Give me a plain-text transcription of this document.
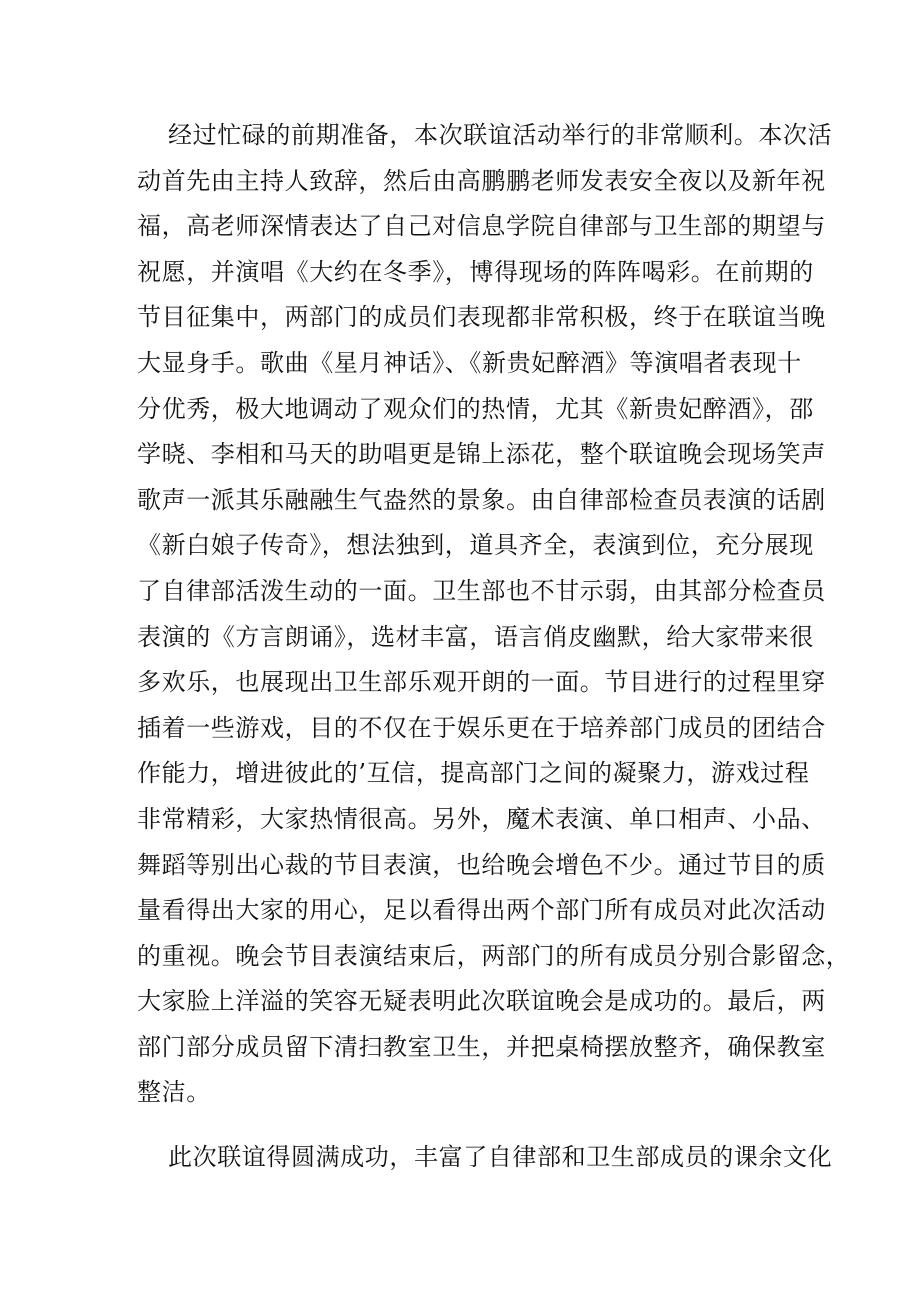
经过忙碌的前期准备，本次联谊活动举行的非常顺利。本次活
动首先由主持人致辞，然后由高鹏鹏老师发表安全夜以及新年祝
福，高老师深情表达了自己对信息学院自律部与卫生部的期望与
祝愿，并演唱《大约在冬季》，博得现场的阵阵喝彩。在前期的
节目征集中，两部门的成员们表现都非常积极，终于在联谊当晚
大显身手。歌曲《星月神话》、《新贵妃醉酒》等演唱者表现十
分优秀，极大地调动了观众们的热情，尤其《新贵妃醉酒》，邵
学晓、李相和马天的助唱更是锦上添花，整个联谊晚会现场笑声
歌声一派其乐融融生气盎然的景象。由自律部检查员表演的话剧
《新白娘子传奇》，想法独到，道具齐全，表演到位，充分展现
了自律部活泼生动的一面。卫生部也不甘示弱，由其部分检查员
表演的《方言朗诵》，选材丰富，语言俏皮幽默，给大家带来很
多欢乐，也展现出卫生部乐观开朗的一面。节目进行的过程里穿
插着一些游戏，目的不仅在于娱乐更在于培养部门成员的团结合
作能力，增进彼此的’互信，提高部门之间的凝聚力，游戏过程
非常精彩，大家热情很高。另外，魔术表演、单口相声、小品、
舞蹈等别出心裁的节目表演，也给晚会增色不少。通过节目的质
量看得出大家的用心，足以看得出两个部门所有成员对此次活动
的重视。晚会节目表演结束后，两部门的所有成员分别合影留念，
大家脸上洋溢的笑容无疑表明此次联谊晚会是成功的。最后，两
部门部分成员留下清扫教室卫生，并把桌椅摆放整齐，确保教室
整洁。
此次联谊得圆满成功，丰富了自律部和卫生部成员的课余文化
